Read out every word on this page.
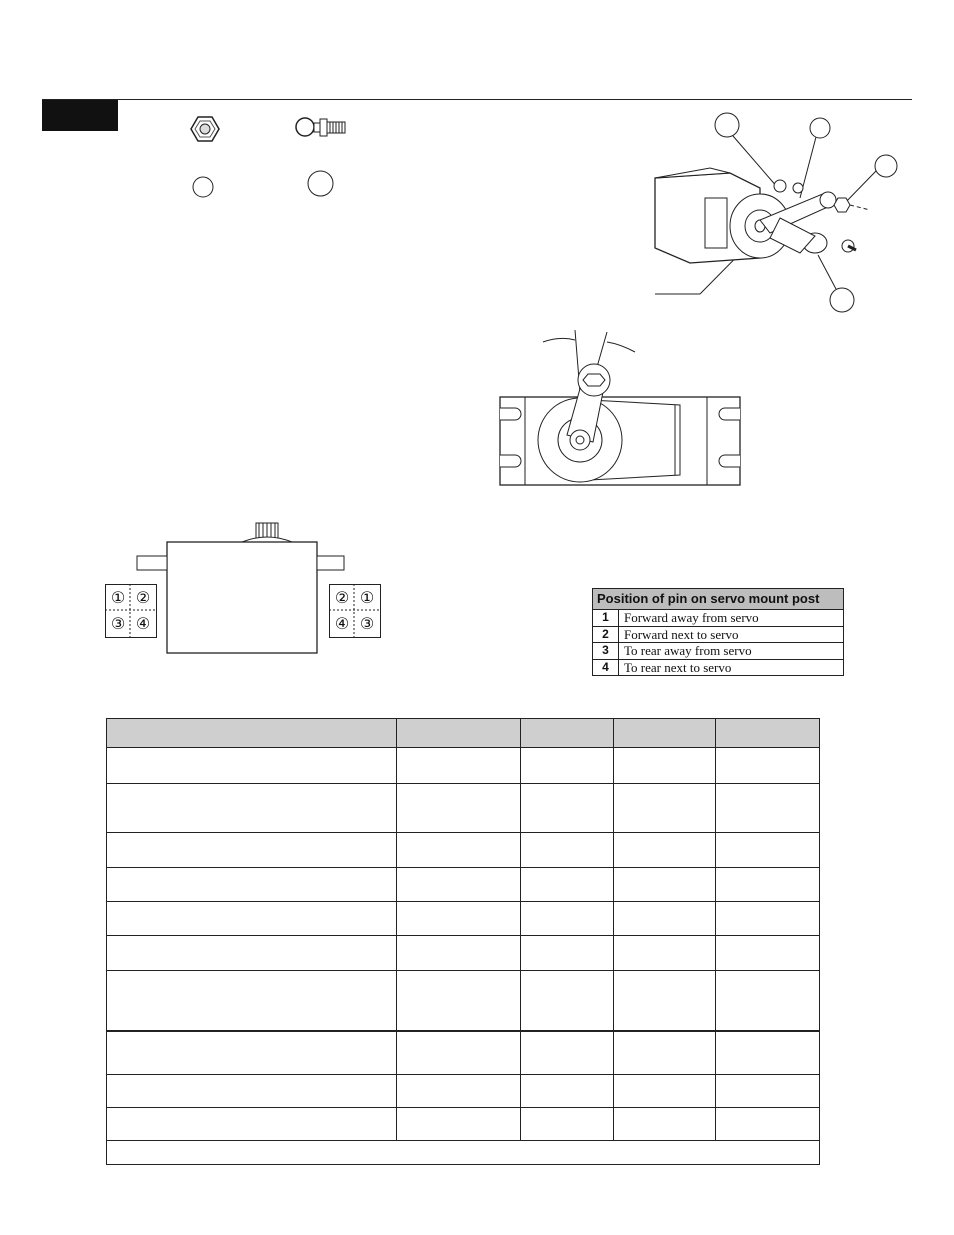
① ②
③ ④
② ①
④ ③
Position of pin on servo mount post
1	Forward away from servo
2	Forward next to servo
3	To rear away from servo
4	To rear next to servo
